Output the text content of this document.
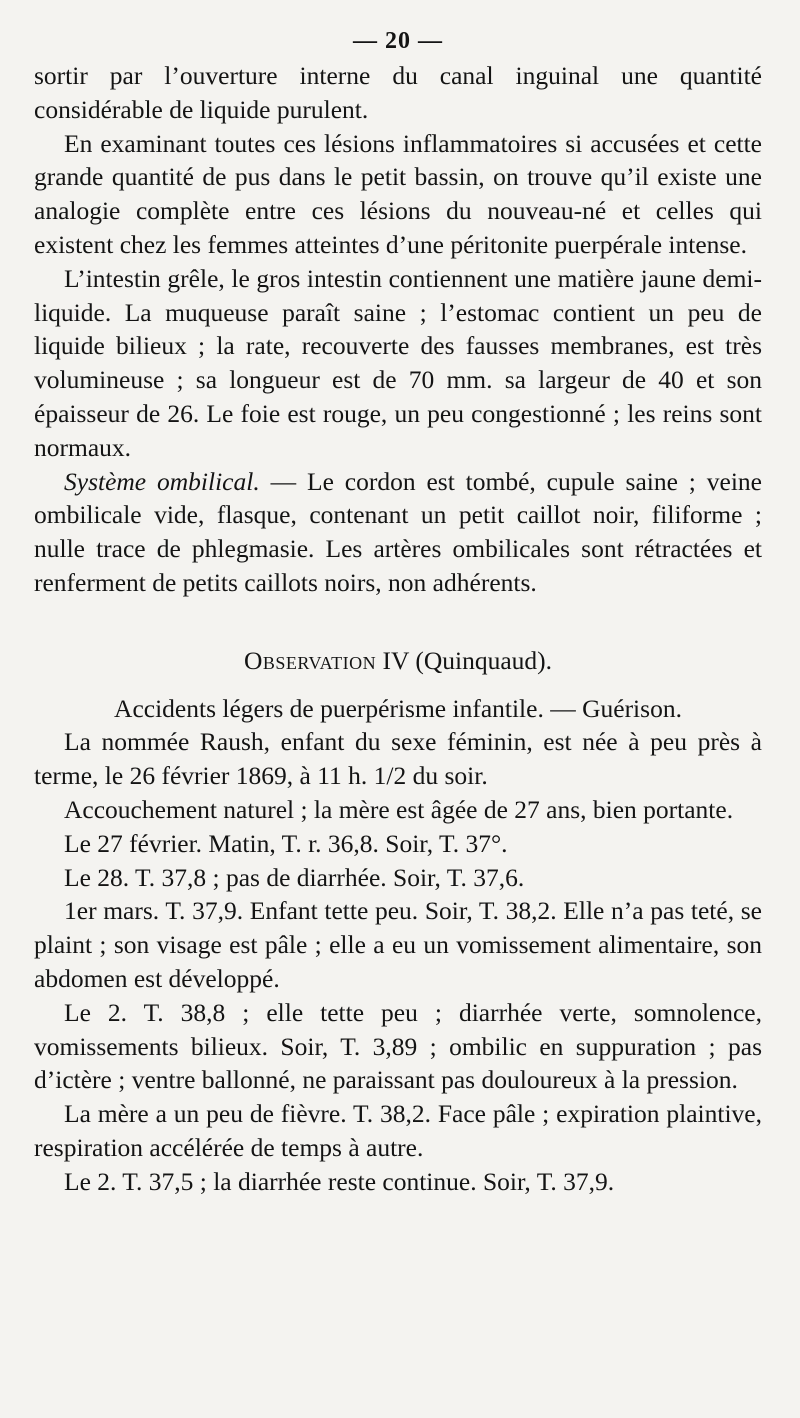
— 20 —

sortir par l’ouverture interne du canal inguinal une quantité considérable de liquide purulent.

En examinant toutes ces lésions inflammatoires si accusées et cette grande quantité de pus dans le petit bassin, on trouve qu’il existe une analogie complète entre ces lésions du nouveau-né et celles qui existent chez les femmes atteintes d’une péritonite puerpérale intense.

L’intestin grêle, le gros intestin contiennent une matière jaune demi-liquide. La muqueuse paraît saine ; l’estomac contient un peu de liquide bilieux ; la rate, recouverte des fausses membranes, est très volumineuse ; sa longueur est de 70 mm. sa largeur de 40 et son épaisseur de 26. Le foie est rouge, un peu congestionné ; les reins sont normaux.

Système ombilical. — Le cordon est tombé, cupule saine ; veine ombilicale vide, flasque, contenant un petit caillot noir, filiforme ; nulle trace de phlegmasie. Les artères ombilicales sont rétractées et renferment de petits caillots noirs, non adhérents.

Observation IV (Quinquaud).
Accidents légers de puerpérisme infantile. — Guérison.

La nommée Raush, enfant du sexe féminin, est née à peu près à terme, le 26 février 1869, à 11 h. 1/2 du soir.

Accouchement naturel ; la mère est âgée de 27 ans, bien portante.

Le 27 février. Matin, T. r. 36,8. Soir, T. 37°.

Le 28. T. 37,8 ; pas de diarrhée. Soir, T. 37,6.

1er mars. T. 37,9. Enfant tette peu. Soir, T. 38,2. Elle n’a pas teté, se plaint ; son visage est pâle ; elle a eu un vomissement alimentaire, son abdomen est développé.

Le 2. T. 38,8 ; elle tette peu ; diarrhée verte, somnolence, vomissements bilieux. Soir, T. 3,89 ; ombilic en suppuration ; pas d’ictère ; ventre ballonné, ne paraissant pas douloureux à la pression.

La mère a un peu de fièvre. T. 38,2. Face pâle ; expiration plaintive, respiration accélérée de temps à autre.

Le 2. T. 37,5 ; la diarrhée reste continue. Soir, T. 37,9.
